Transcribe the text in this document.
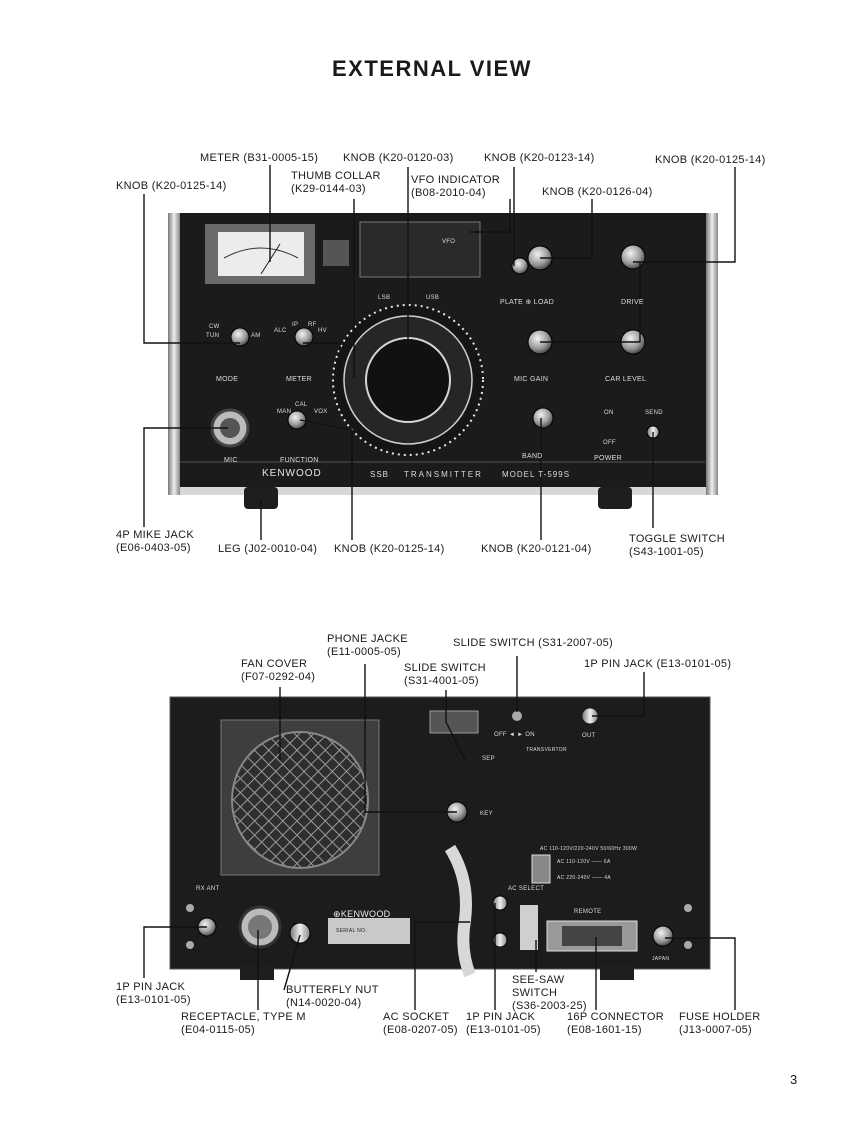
EXTERNAL VIEW
MODE	METER
MIC	FUNCTION
MIC GAIN	CAR LEVEL
PLATE ⊕ LOAD	DRIVE
BAND	POWER
ON
OFF
SEND
VFO
LSB	USB
CW
TUN	AM
ALC
IP RF
HV
MAN
CAL
VOX
KENWOOD	SSB TRANSMITTER MODEL T-599S
OFF ◄ ► ON	OUT
TRANSVERTOR
SEP
KEY
AC 110-120V/220-240V 50/60Hz 300W
AC 110-120V —— 6A
AC 220-240V —— 4A
AC SELECT
REMOTE
RX ANT
⊕KENWOOD
SERIAL NO.
JAPAN
METER (B31-0005-15) KNOB (K20-0120-03)	KNOB (K20-0123-14)	KNOB (K20-0125-14)
KNOB (K20-0125-14)
THUMB COLLAR
(K29-0144-03)
VFO INDICATOR
(B08-2010-04)	KNOB (K20-0126-04)
4P MIKE JACK
(E06-0403-05) LEG (J02-0010-04) KNOB (K20-0125-14)	KNOB (K20-0121-04)
TOGGLE SWITCH
(S43-1001-05)
PHONE JACKE
(E11-0005-05)
SLIDE SWITCH (S31-2007-05)
FAN COVER
(F07-0292-04)
SLIDE SWITCH
(S31-4001-05)
1P PIN JACK (E13-0101-05)
1P PIN JACK
(E13-0101-05)
BUTTERFLY NUT
(N14-0020-04)
RECEPTACLE, TYPE M
(E04-0115-05)
AC SOCKET
(E08-0207-05)
1P PIN JACK
(E13-0101-05)
SEE-SAW
SWITCH
(S36-2003-25)
16P CONNECTOR
(E08-1601-15)
FUSE HOLDER
(J13-0007-05)
3
